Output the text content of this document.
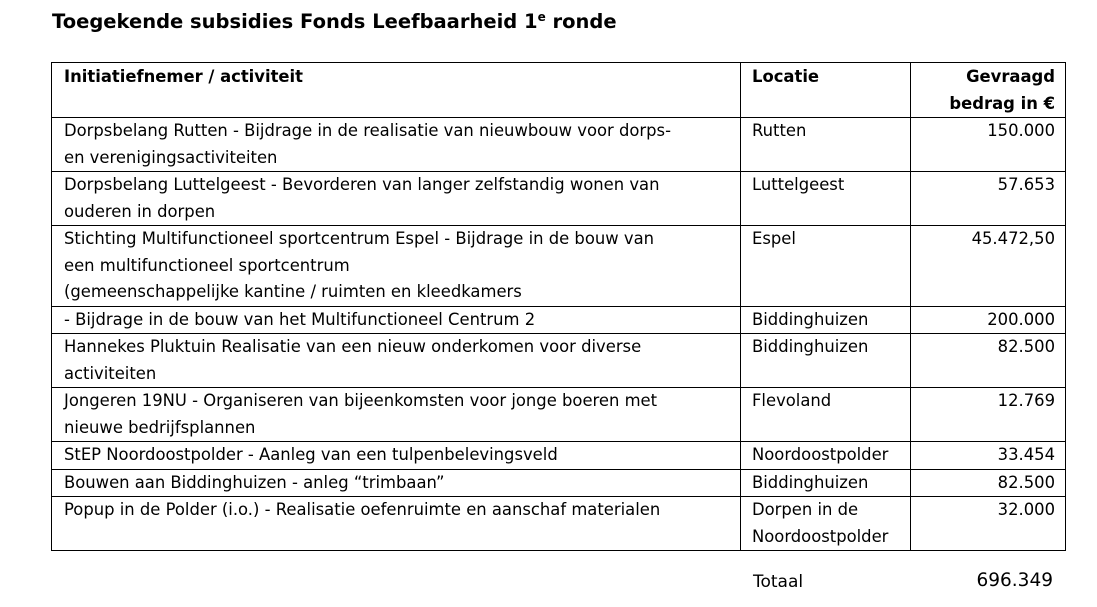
Toegekende subsidies Fonds Leefbaarheid 1e ronde
Initiatiefnemer / activiteit	Locatie	Gevraagd
bedrag in €

Dorpsbelang Rutten - Bijdrage in de realisatie van nieuwbouw voor dorps-
en verenigingsactiviteiten	Rutten	150.000

Dorpsbelang Luttelgeest - Bevorderen van langer zelfstandig wonen van
ouderen in dorpen	Luttelgeest	57.653

Stichting Multifunctioneel sportcentrum Espel - Bijdrage in de bouw van
een multifunctioneel sportcentrum
(gemeenschappelijke kantine / ruimten en kleedkamers	Espel	45.472,50

- Bijdrage in de bouw van het Multifunctioneel Centrum 2	Biddinghuizen	200.000

Hannekes Pluktuin Realisatie van een nieuw onderkomen voor diverse
activiteiten	Biddinghuizen	82.500

Jongeren 19NU - Organiseren van bijeenkomsten voor jonge boeren met
nieuwe bedrijfsplannen	Flevoland	12.769

StEP Noordoostpolder - Aanleg van een tulpenbelevingsveld	Noordoostpolder	33.454

Bouwen aan Biddinghuizen - anleg “trimbaan”	Biddinghuizen	82.500

Popup in de Polder (i.o.) - Realisatie oefenruimte en aanschaf materialen	Dorpen in de
Noordoostpolder	32.000
Totaal	696.349
